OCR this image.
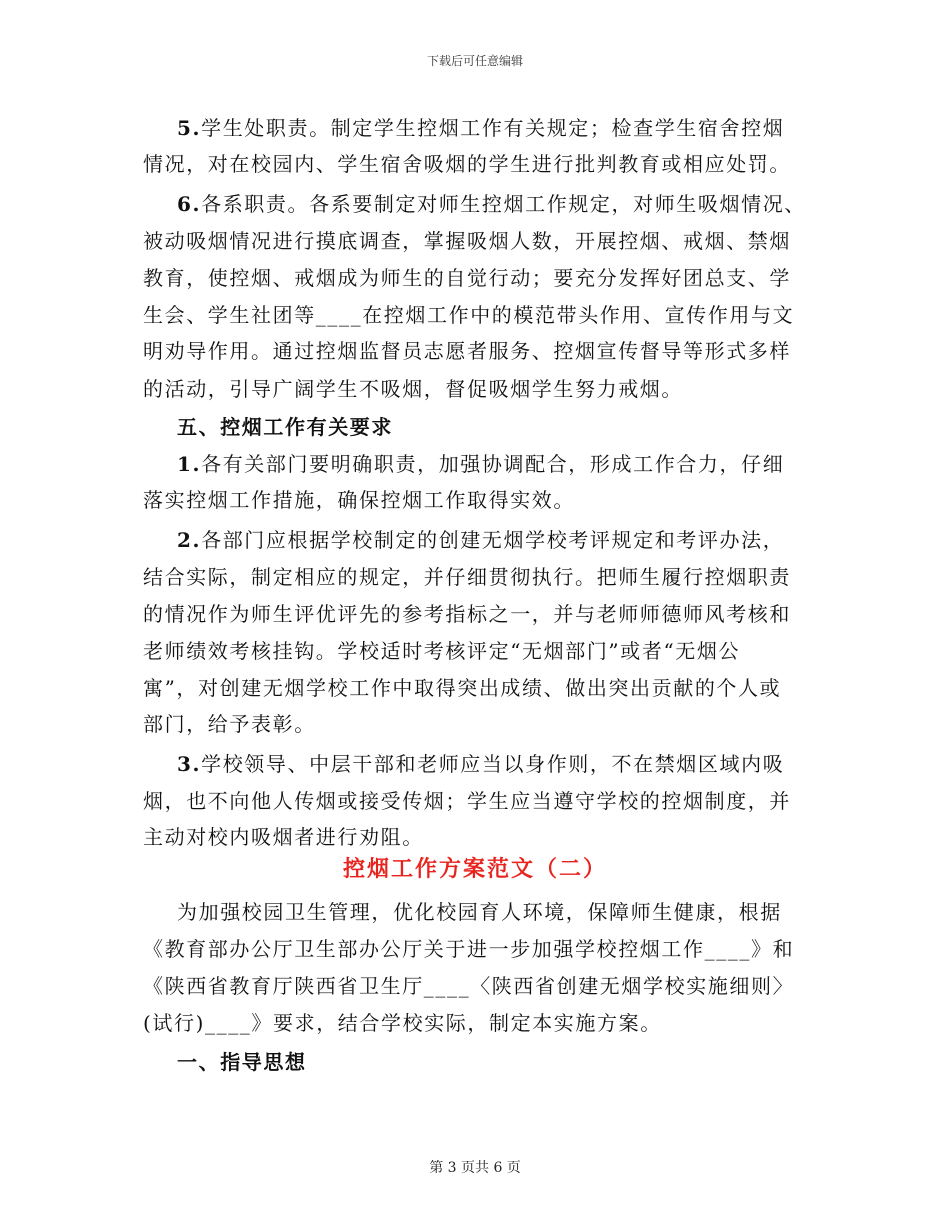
下载后可任意编辑
5.学生处职责。制定学生控烟工作有关规定；检查学生宿舍控烟
情况，对在校园内、学生宿舍吸烟的学生进行批判教育或相应处罚。
6.各系职责。各系要制定对师生控烟工作规定，对师生吸烟情况、
被动吸烟情况进行摸底调查，掌握吸烟人数，开展控烟、戒烟、禁烟
教育，使控烟、戒烟成为师生的自觉行动；要充分发挥好团总支、学
生会、学生社团等____在控烟工作中的模范带头作用、宣传作用与文
明劝导作用。通过控烟监督员志愿者服务、控烟宣传督导等形式多样
的活动，引导广阔学生不吸烟，督促吸烟学生努力戒烟。
五、控烟工作有关要求
1.各有关部门要明确职责，加强协调配合，形成工作合力，仔细
落实控烟工作措施，确保控烟工作取得实效。
2.各部门应根据学校制定的创建无烟学校考评规定和考评办法，
结合实际，制定相应的规定，并仔细贯彻执行。把师生履行控烟职责
的情况作为师生评优评先的参考指标之一，并与老师师德师风考核和
老师绩效考核挂钩。学校适时考核评定“无烟部门”或者“无烟公
寓”，对创建无烟学校工作中取得突出成绩、做出突出贡献的个人或
部门，给予表彰。
3.学校领导、中层干部和老师应当以身作则，不在禁烟区域内吸
烟，也不向他人传烟或接受传烟；学生应当遵守学校的控烟制度，并
主动对校内吸烟者进行劝阻。
控烟工作方案范文（二）
为加强校园卫生管理，优化校园育人环境，保障师生健康，根据
《教育部办公厅卫生部办公厅关于进一步加强学校控烟工作____》和
《陕西省教育厅陕西省卫生厅____〈陕西省创建无烟学校实施细则〉
(试行)____》要求，结合学校实际，制定本实施方案。
一、指导思想
第 3 页共 6 页
